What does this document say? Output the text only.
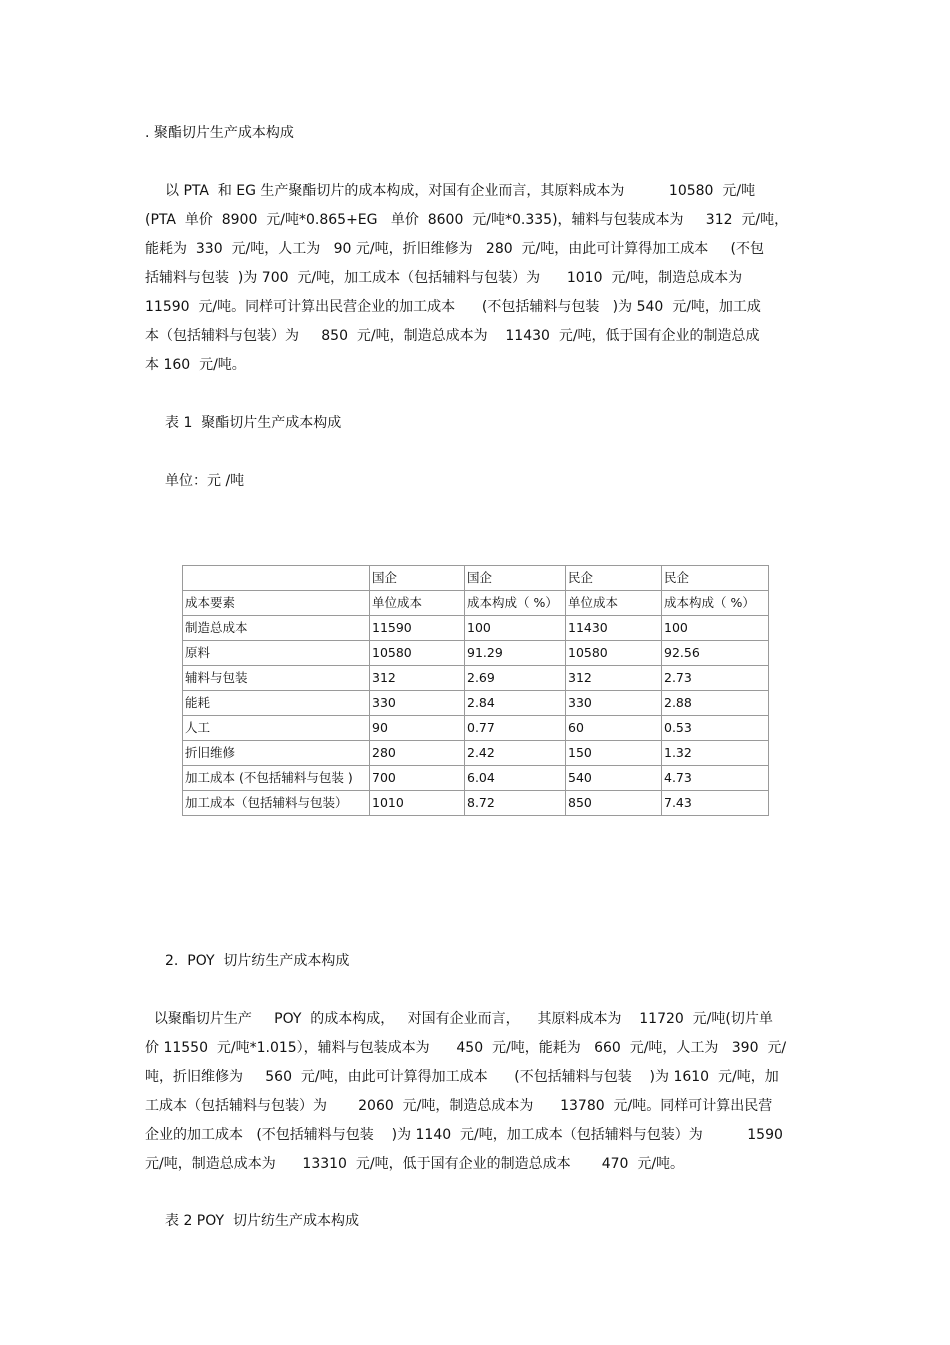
. 聚酯切片生产成本构成
以 PTA  和 EG 生产聚酯切片的成本构成，对国有企业而言，其原料成本为          10580  元/吨
(PTA  单价  8900  元/吨*0.865+EG   单价  8600  元/吨*0.335)，辅料与包装成本为     312  元/吨，
能耗为  330  元/吨，人工为   90 元/吨，折旧维修为   280  元/吨，由此可计算得加工成本     (不包
括辅料与包装  )为 700  元/吨，加工成本（包括辅料与包装）为      1010  元/吨，制造总成本为
11590  元/吨。同样可计算出民营企业的加工成本      (不包括辅料与包装   )为 540  元/吨，加工成
本（包括辅料与包装）为     850  元/吨，制造总成本为    11430  元/吨，低于国有企业的制造总成
本 160  元/吨。
表 1  聚酯切片生产成本构成
单位：元 /吨
	国企	国企	民企	民企
成本要素	单位成本	成本构成（ %）	单位成本	成本构成（ %）
制造总成本	11590	100	11430	100
原料	10580	91.29	10580	92.56
辅料与包装	312	2.69	312	2.73
能耗	330	2.84	330	2.88
人工	90	0.77	60	0.53
折旧维修	280	2.42	150	1.32
加工成本 (不包括辅料与包装 )	700	6.04	540	4.73
加工成本（包括辅料与包装）	1010	8.72	850	7.43
2.  POY  切片纺生产成本构成
以聚酯切片生产     POY  的成本构成，   对国有企业而言，    其原料成本为    11720  元/吨(切片单
价 11550  元/吨*1.015），辅料与包装成本为      450  元/吨，能耗为   660  元/吨，人工为   390  元/
吨，折旧维修为     560  元/吨，由此可计算得加工成本      (不包括辅料与包装    )为 1610  元/吨，加
工成本（包括辅料与包装）为       2060  元/吨，制造总成本为      13780  元/吨。同样可计算出民营
企业的加工成本   (不包括辅料与包装    )为 1140  元/吨，加工成本（包括辅料与包装）为          1590
元/吨，制造总成本为      13310  元/吨，低于国有企业的制造总成本       470  元/吨。
表 2 POY  切片纺生产成本构成
